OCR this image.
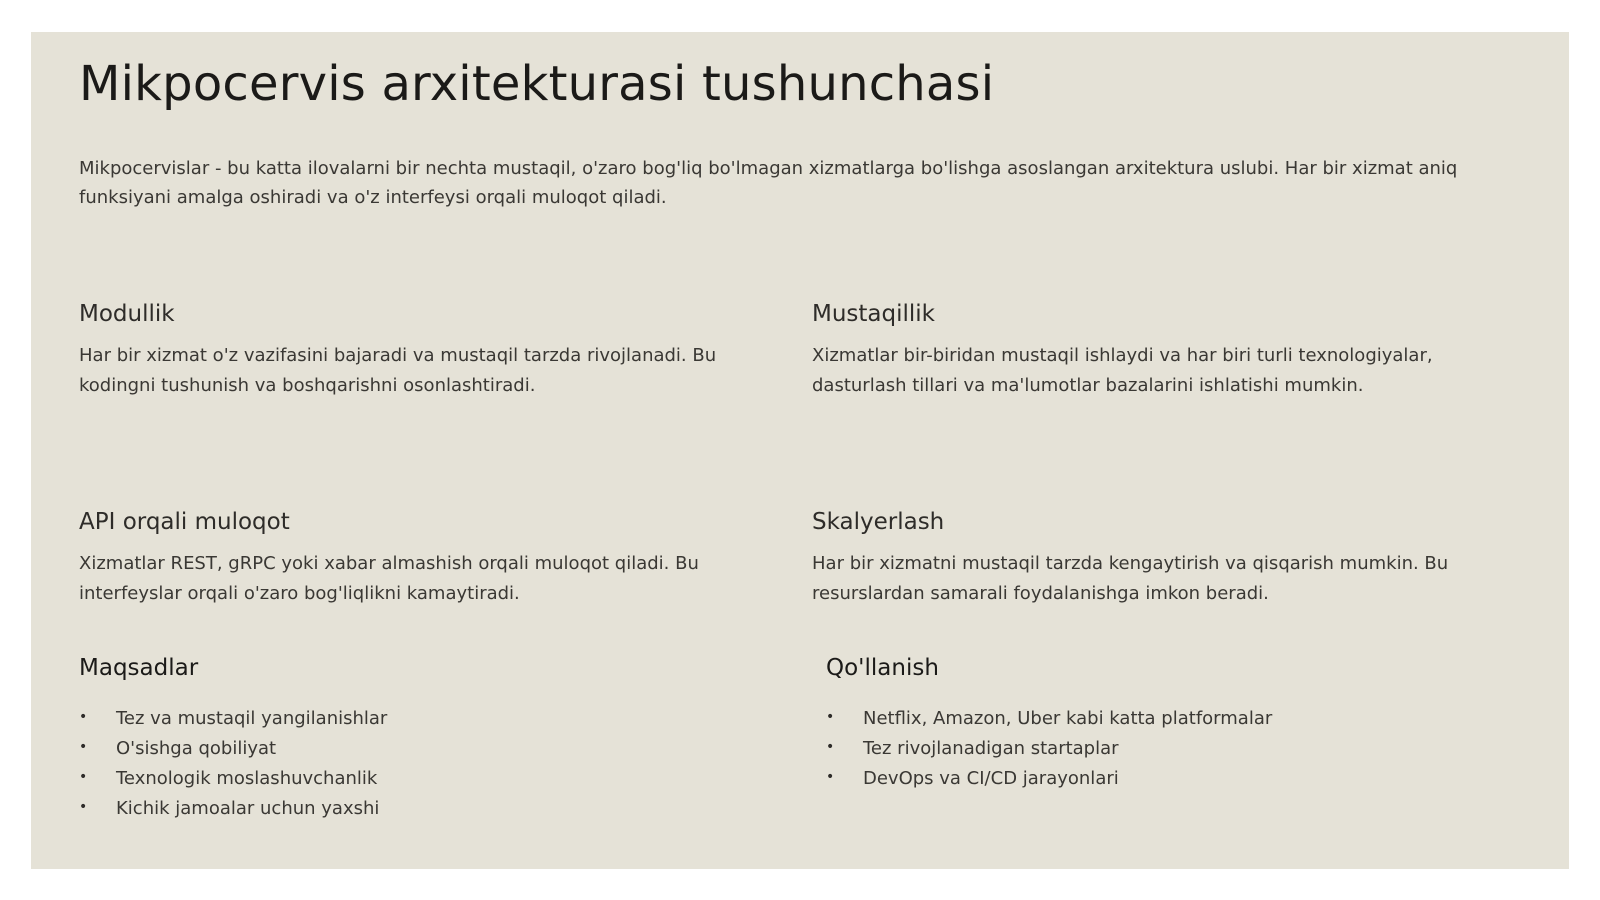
Mikpocervis arxitekturasi tushunchasi

Mikpocervislar - bu katta ilovalarni bir nechta mustaqil, o'zaro bog'liq bo'lmagan xizmatlarga bo'lishga asoslangan arxitektura uslubi. Har bir xizmat aniq funksiyani amalga oshiradi va o'z interfeysi orqali muloqot qiladi.

Modullik

Har bir xizmat o'z vazifasini bajaradi va mustaqil tarzda rivojlanadi. Bu kodingni tushunish va boshqarishni osonlashtiradi.

Mustaqillik

Xizmatlar bir-biridan mustaqil ishlaydi va har biri turli texnologiyalar, dasturlash tillari va ma'lumotlar bazalarini ishlatishi mumkin.

API orqali muloqot

Xizmatlar REST, gRPC yoki xabar almashish orqali muloqot qiladi. Bu interfeyslar orqali o'zaro bog'liqlikni kamaytiradi.

Skalyerlash

Har bir xizmatni mustaqil tarzda kengaytirish va qisqarish mumkin. Bu resurslardan samarali foydalanishga imkon beradi.

Maqsadlar
• Tez va mustaqil yangilanishlar
• O'sishga qobiliyat
• Texnologik moslashuvchanlik
• Kichik jamoalar uchun yaxshi
Qo'llanish
• Netflix, Amazon, Uber kabi katta platformalar
• Tez rivojlanadigan startaplar
• DevOps va CI/CD jarayonlari
